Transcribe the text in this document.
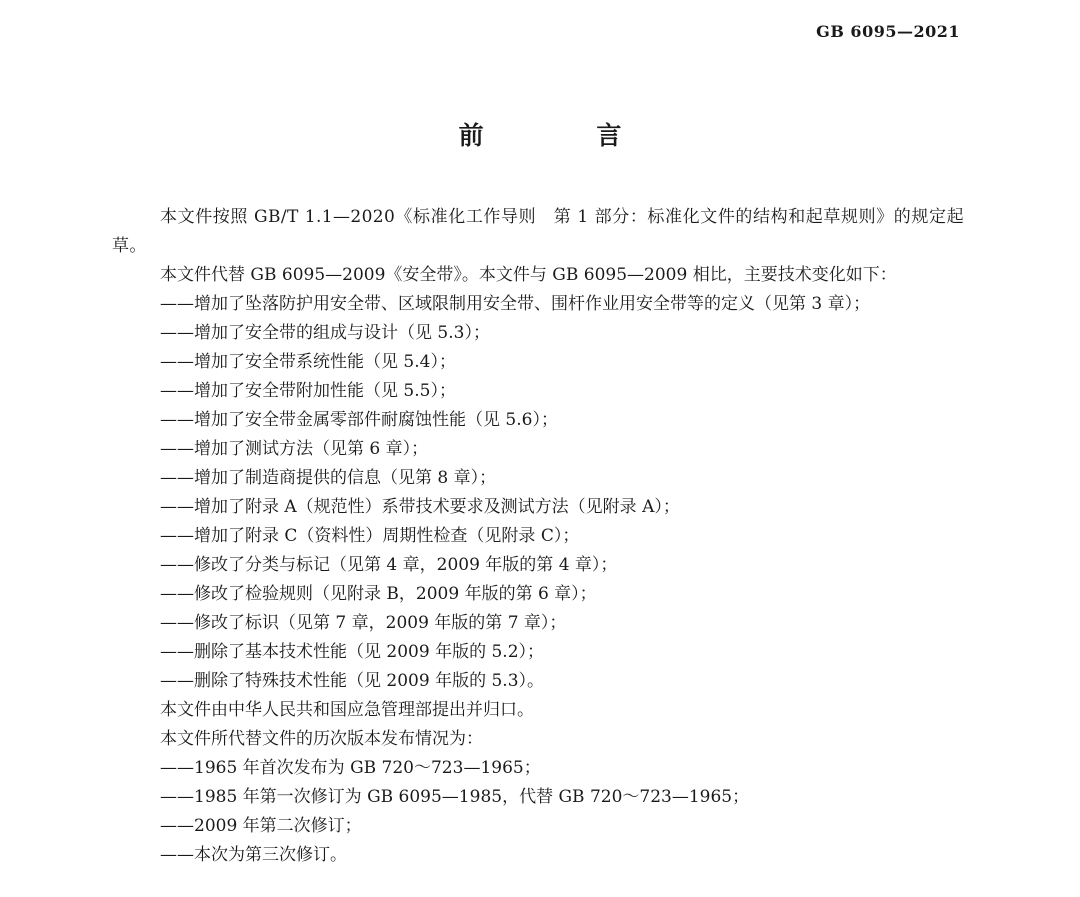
GB 6095—2021
前 言

本文件按照 GB/T 1.1—2020《标准化工作导则　第 1 部分：标准化文件的结构和起草规则》的规定起草。

本文件代替 GB 6095—2009《安全带》。本文件与 GB 6095—2009 相比，主要技术变化如下：

——增加了坠落防护用安全带、区域限制用安全带、围杆作业用安全带等的定义（见第 3 章）；

——增加了安全带的组成与设计（见 5.3）；

——增加了安全带系统性能（见 5.4）；

——增加了安全带附加性能（见 5.5）；

——增加了安全带金属零部件耐腐蚀性能（见 5.6）；

——增加了测试方法（见第 6 章）；

——增加了制造商提供的信息（见第 8 章）；

——增加了附录 A（规范性）系带技术要求及测试方法（见附录 A）；

——增加了附录 C（资料性）周期性检查（见附录 C）；

——修改了分类与标记（见第 4 章，2009 年版的第 4 章）；

——修改了检验规则（见附录 B，2009 年版的第 6 章）；

——修改了标识（见第 7 章，2009 年版的第 7 章）；

——删除了基本技术性能（见 2009 年版的 5.2）；

——删除了特殊技术性能（见 2009 年版的 5.3）。

本文件由中华人民共和国应急管理部提出并归口。

本文件所代替文件的历次版本发布情况为：

——1965 年首次发布为 GB 720～723—1965；

——1985 年第一次修订为 GB 6095—1985，代替 GB 720～723—1965；

——2009 年第二次修订；

——本次为第三次修订。
